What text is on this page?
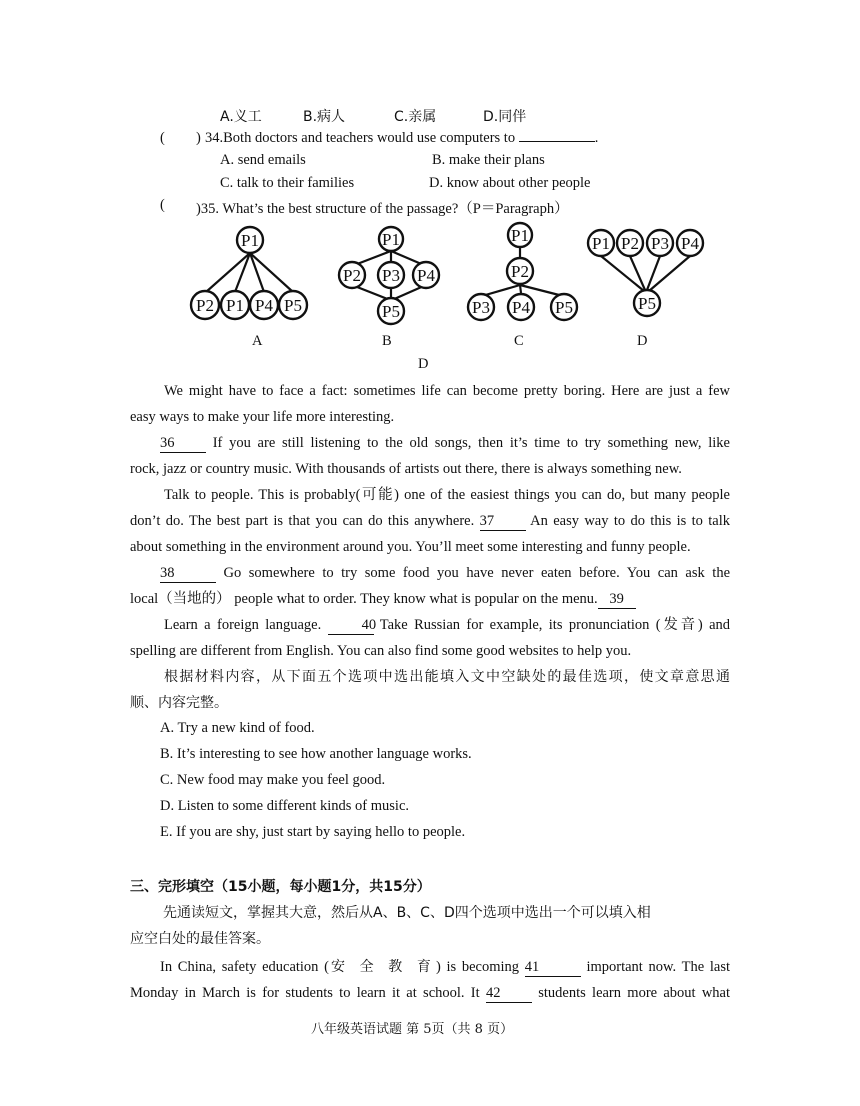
A.义工	B.病人	C.亲属	D.同伴
( ) 34.Both doctors and teachers would use computers to	.
A. send emails	B. make their plans
C. talk to their families	D. know about other people
( )35. What’s the best structure of the passage?（P＝Paragraph）
P1
P2 P1 P4 P5
P1
P2 P3 P4
P5
P1
P2
P3 P4 P5
P1 P2 P3 P4
P5
A	B	C	D
D
We might have to face a fact: sometimes life can become pretty boring. Here are just a few
easy ways to make your life more interesting.
36	If you are still listening to the old songs, then it’s time to try something new, like
rock, jazz or country music. With thousands of artists out there, there is always something new.
Talk to people. This is probably(可能) one of the easiest things you can do, but many people
don’t do. The best part is that you can do this anywhere. 37 An easy way to do this is to talk
about something in the environment around you. You’ll meet some interesting and funny people.
38	Go somewhere to try some food you have never eaten before. You can ask the
local（当地的） people what to order. They know what is popular on the menu. 39
Learn a foreign language.	40 Take Russian for example, its pronunciation (发音) and
spelling are different from English. You can also find some good websites to help you.
根据材料内容，从下面五个选项中选出能填入文中空缺处的最佳选项，使文章意思通
顺、内容完整。
A. Try a new kind of food.
B. It’s interesting to see how another language works.
C. New food may make you feel good.
D. Listen to some different kinds of music.
E. If you are shy, just start by saying hello to people.
三、完形填空（15小题，每小题1分，共15分）
先通读短文，掌握其大意，然后从A、B、C、D四个选项中选出一个可以填入相
应空白处的最佳答案。
In China, safety education (安 全 教 育) is becoming 41	important now. The last
Monday in March is for students to learn it at school. It 42	students learn more about what
八年级英语试题 第 5页（共 8 页）
